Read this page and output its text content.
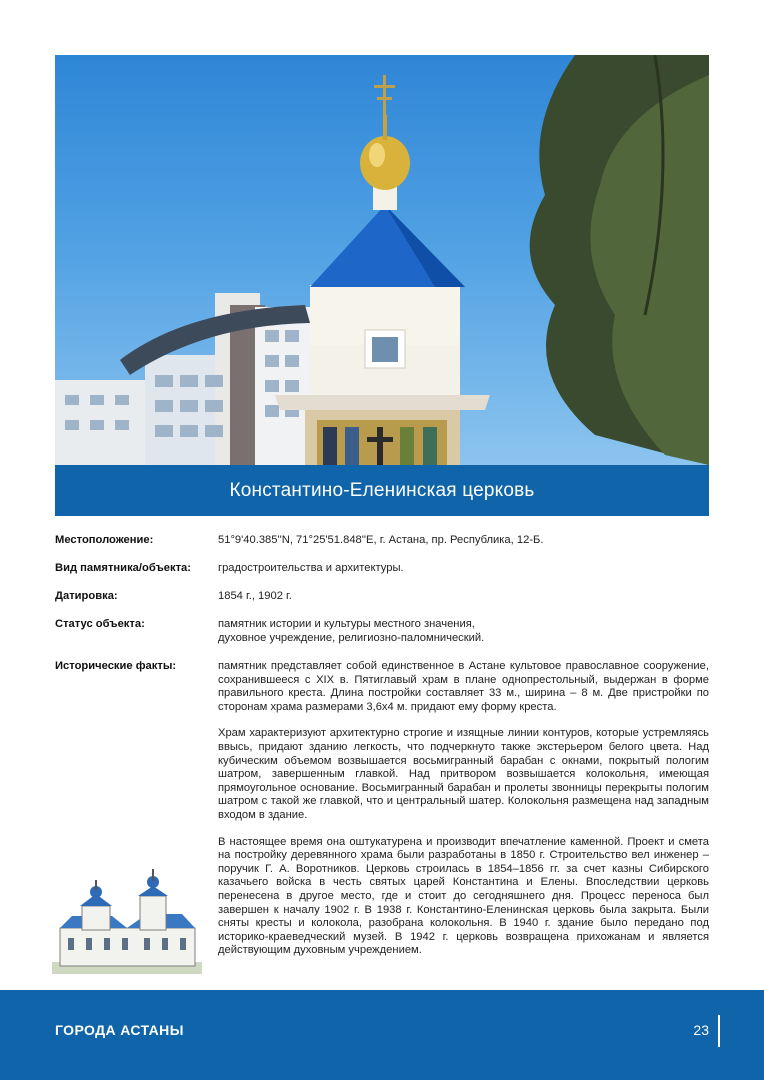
Константино-Еленинская церковь
Местоположение:	51°9'40.385''N, 71°25'51.848''E, г. Астана, пр. Республика, 12-Б.
Вид памятника/объекта: градостроительства и архитектуры.
Датировка:	1854 г., 1902 г.
Статус объекта:	памятник истории и культуры местного значения,
духовное учреждение, религиозно-паломнический.
Исторические факты:	памятник представляет собой единственное в Астане культовое православное сооружение, сохранившееся с XIX в. Пятиглавый храм в плане однопрестольный, выдержан в форме правильного креста. Длина постройки составляет 33 м., ширина – 8 м. Две пристройки по сторонам храма размерами 3,6х4 м. придают ему форму креста.

Храм характеризуют архитектурно строгие и изящные линии контуров, которые устремляясь ввысь, придают зданию легкость, что подчеркнуто также экстерьером белого цвета. Над кубическим объемом возвышается восьмигранный барабан с окнами, покрытый пологим шатром, завершенным главкой. Над притвором возвышается колокольня, имеющая прямоугольное основание. Восьмигранный барабан и пролеты звонницы перекрыты пологим шатром с такой же главкой, что и центральный шатер. Колокольня размещена над западным входом в здание.

В настоящее время она оштукатурена и производит впечатление каменной. Проект и смета на постройку деревянного храма были разработаны в 1850 г. Строительство вел инженер – поручик Г. А. Воротников. Церковь строилась в 1854–1856 гг. за счет казны Сибирского казачьего войска в честь святых царей Константина и Елены. Впоследствии церковь перенесена в другое место, где и стоит до сегодняшнего дня. Процесс переноса был завершен к началу 1902 г. В 1938 г. Константино-Еленинская церковь была закрыта. Были сняты кресты и колокола, разобрана колокольня. В 1940 г. здание было передано под историко-краеведческий музей. В 1942 г. церковь возвращена прихожанам и является действующим духовным учреждением.

ГОРОДА АСТАНЫ	23
